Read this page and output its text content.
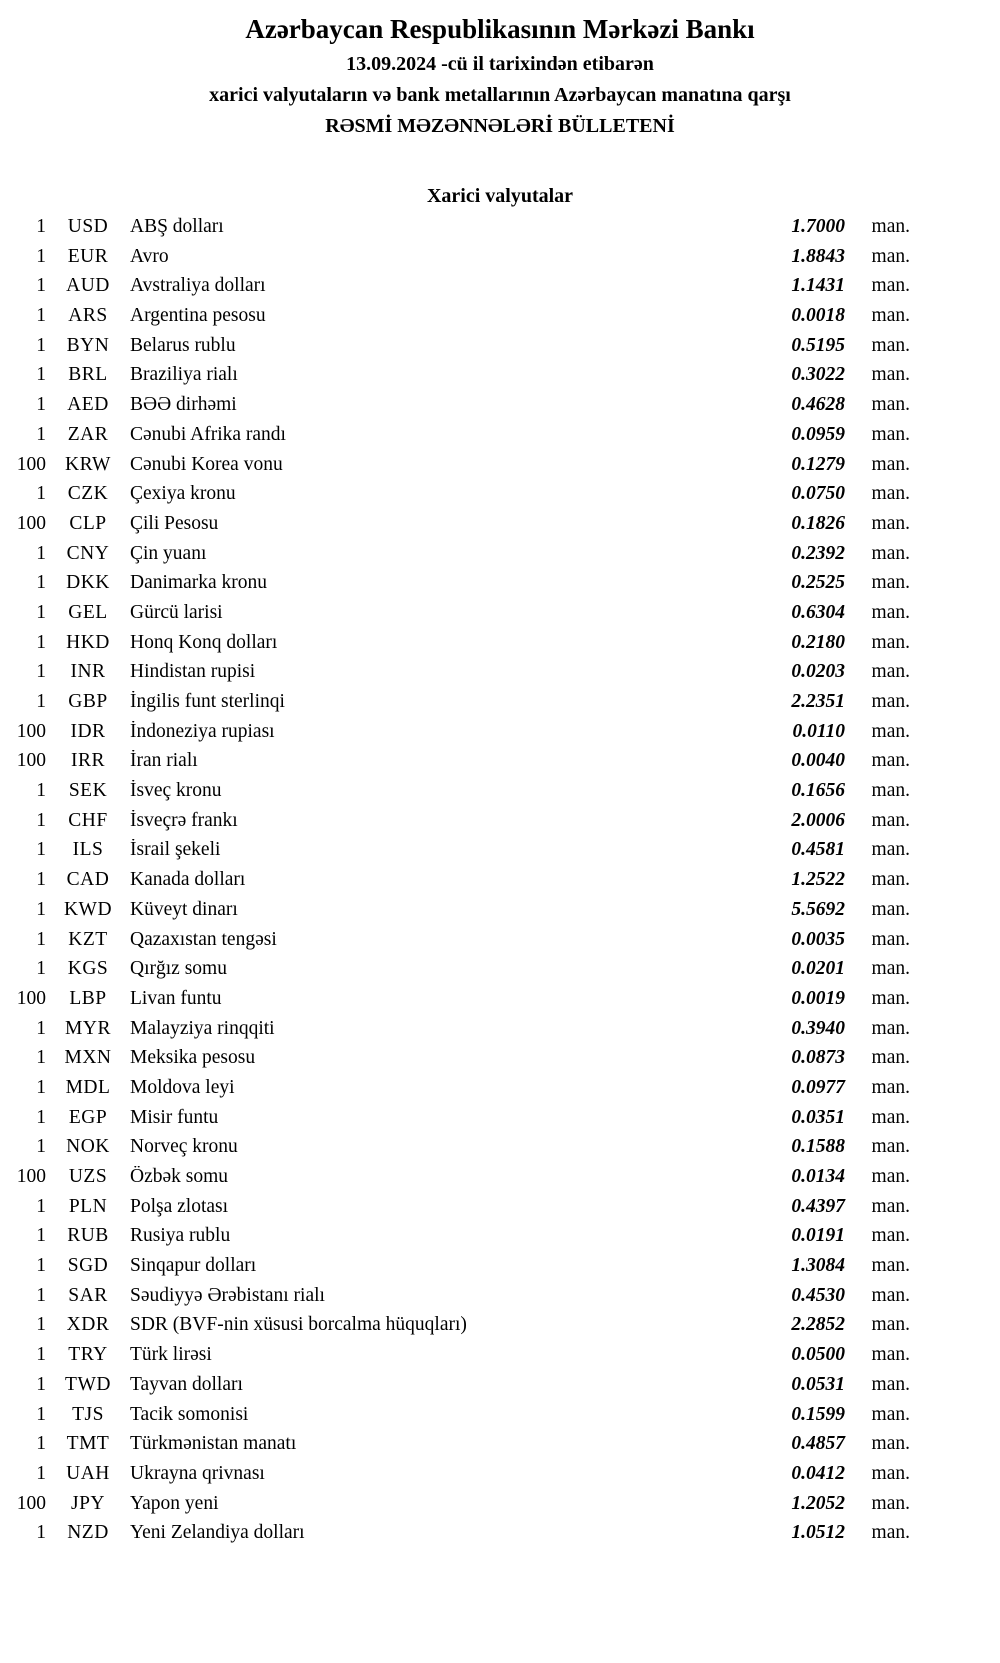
Azərbaycan Respublikasının Mərkəzi Bankı
13.09.2024 -cü il tarixindən etibarən
xarici valyutaların və bank metallarının Azərbaycan manatına qarşı
RƏSMİ MƏZƏNNƏLƏRİ BÜLLETENİ
Xarici valyutalar
1	USD	ABŞ dolları	1.7000	man.
1	EUR	Avro	1.8843	man.
1	AUD	Avstraliya dolları	1.1431	man.
1	ARS	Argentina pesosu	0.0018	man.
1	BYN	Belarus rublu	0.5195	man.
1	BRL	Braziliya rialı	0.3022	man.
1	AED	BƏƏ dirhəmi	0.4628	man.
1	ZAR	Cənubi Afrika randı	0.0959	man.
100 KRW Cənubi Korea vonu	0.1279	man.
1	CZK	Çexiya kronu	0.0750	man.
100	CLP	Çili Pesosu	0.1826	man.
1	CNY	Çin yuanı	0.2392	man.
1	DKK	Danimarka kronu	0.2525	man.
1	GEL	Gürcü larisi	0.6304	man.
1	HKD	Honq Konq dolları	0.2180	man.
1	INR	Hindistan rupisi	0.0203	man.
1	GBP	İngilis funt sterlinqi	2.2351	man.
100	IDR	İndoneziya rupiası	0.0110	man.
100	IRR	İran rialı	0.0040	man.
1	SEK	İsveç kronu	0.1656	man.
1	CHF	İsveçrə frankı	2.0006	man.
1	ILS	İsrail şekeli	0.4581	man.
1	CAD	Kanada dolları	1.2522	man.
1 KWD Küveyt dinarı	5.5692	man.
1	KZT	Qazaxıstan tengəsi	0.0035	man.
1	KGS	Qırğız somu	0.0201	man.
100	LBP	Livan funtu	0.0019	man.
1 MYR Malayziya rinqqiti	0.3940	man.
1 MXN Meksika pesosu	0.0873	man.
1	MDL	Moldova leyi	0.0977	man.
1	EGP	Misir funtu	0.0351	man.
1	NOK	Norveç kronu	0.1588	man.
100	UZS	Özbək somu	0.0134	man.
1	PLN	Polşa zlotası	0.4397	man.
1	RUB	Rusiya rublu	0.0191	man.
1	SGD	Sinqapur dolları	1.3084	man.
1	SAR	Səudiyyə Ərəbistanı rialı	0.4530	man.
1	XDR	SDR (BVF-nin xüsusi borcalma hüquqları)	2.2852	man.
1	TRY	Türk lirəsi	0.0500	man.
1 TWD Tayvan dolları	0.0531	man.
1	TJS	Tacik somonisi	0.1599	man.
1	TMT	Türkmənistan manatı	0.4857	man.
1	UAH	Ukrayna qrivnası	0.0412	man.
100	JPY	Yapon yeni	1.2052	man.
1	NZD	Yeni Zelandiya dolları	1.0512	man.
